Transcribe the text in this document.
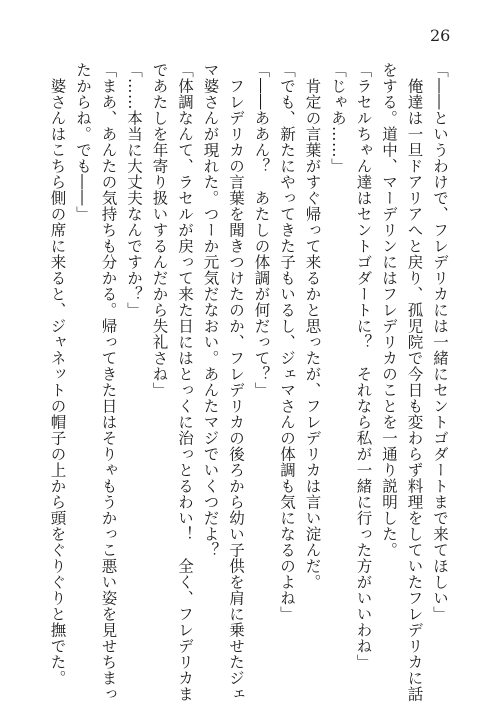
26

「――というわけで、フレデリカには一緒にセントゴダートまで来てほしい」

　俺達は一旦ドアリアへと戻り、孤児院で今日も変わらず料理をしていたフレデリカに話

をする。道中、マーデリンにはフレデリカのことを一通り説明した。

「ラセルちゃん達はセントゴダートに？　それなら私が一緒に行った方がいいわね」

「じゃあ……」

　肯定の言葉がすぐ帰って来るかと思ったが、フレデリカは言い淀んだ。

「でも、新たにやってきた子もいるし、ジェマさんの体調も気になるのよね」

「――ああん？　あたしの体調が何だって？」

　フレデリカの言葉を聞きつけたのか、フレデリカの後ろから幼い子供を肩に乗せたジェ

マ婆さんが現れた。つーか元気だなおい。あんたマジでいくつだよ？

「体調なんて、ラセルが戻って来た日にはとっくに治っとるわい！　全く、フレデリカま

であたしを年寄り扱いするんだから失礼さね」

「……本当に大丈夫なんですか？」

「まあ、あんたの気持ちも分かる。帰ってきた日はそりゃもうかっこ悪い姿を見せちまっ

たからね。でも――」

　婆さんはこちら側の席に来ると、ジャネットの帽子の上から頭をぐりぐりと撫でた。
